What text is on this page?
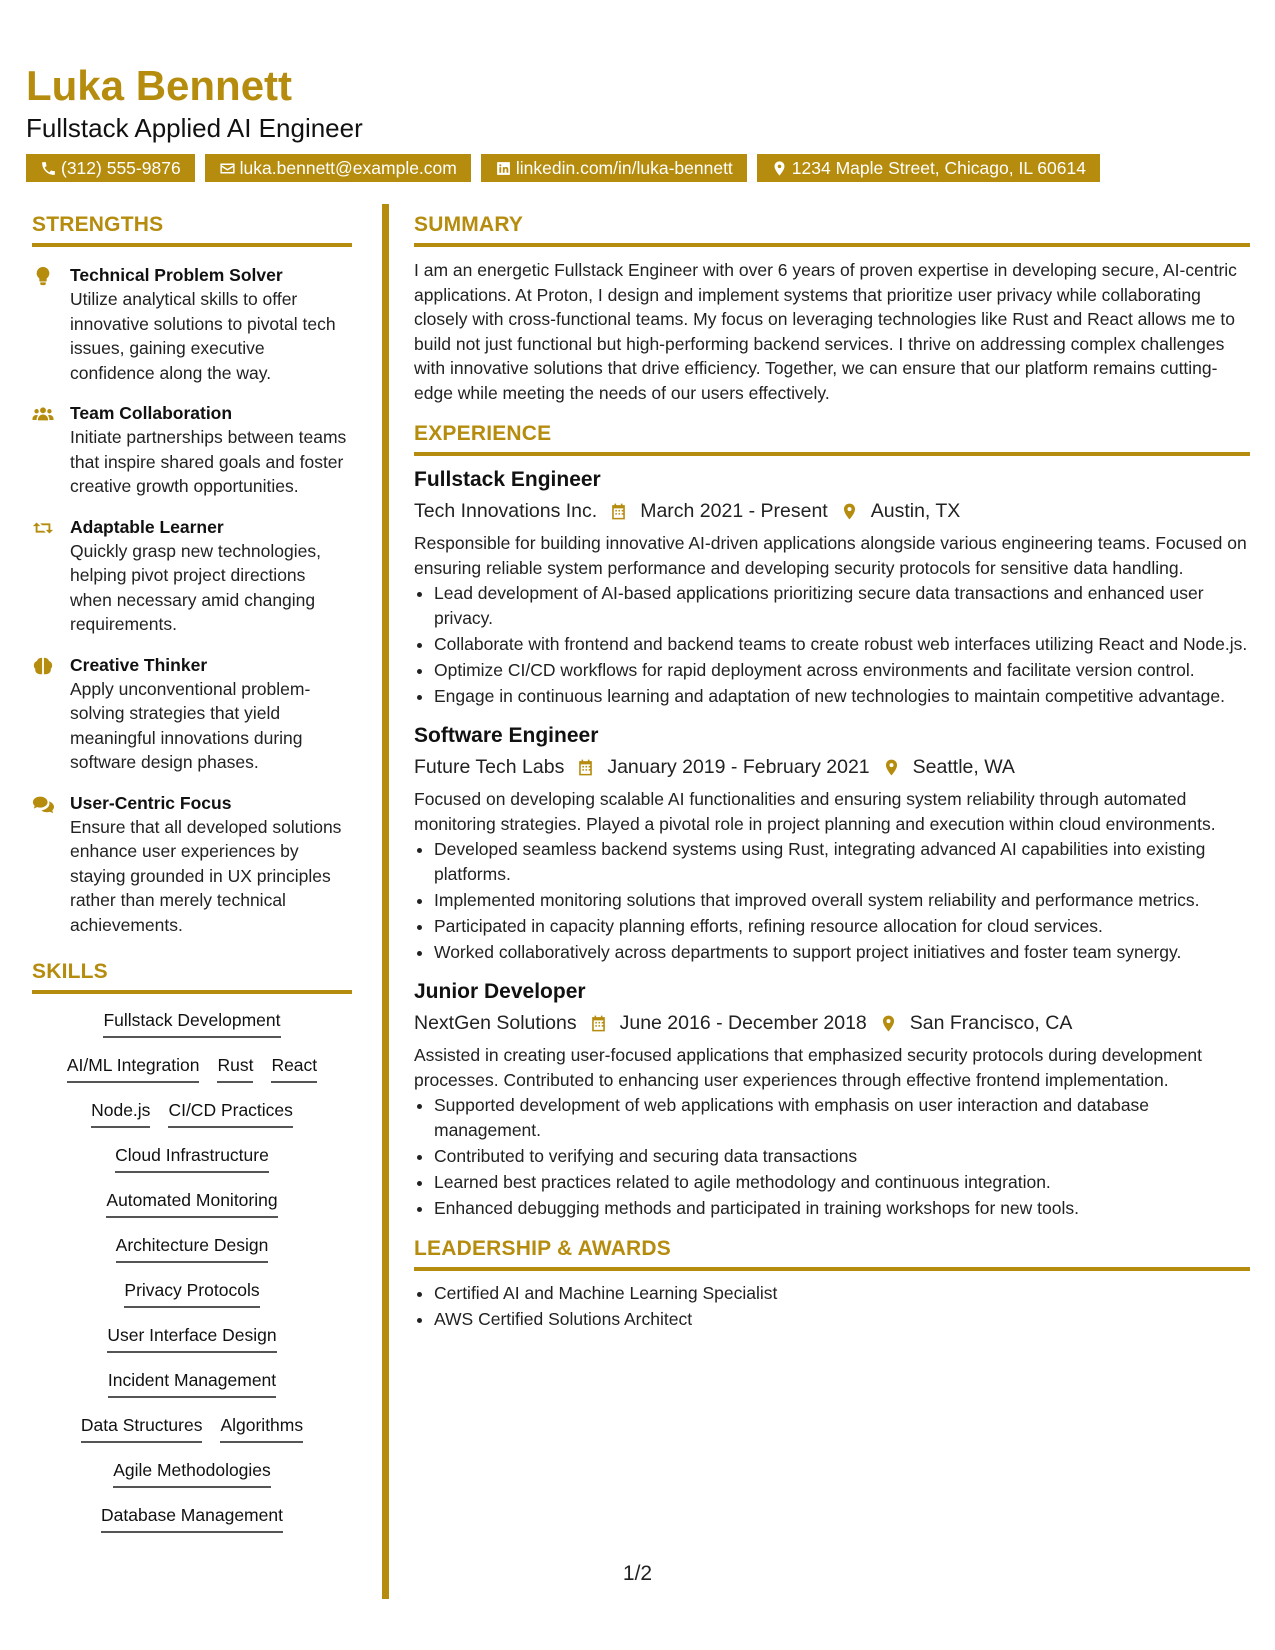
Luka Bennett
Fullstack Applied AI Engineer
(312) 555-9876	luka.bennett@example.com	linkedin.com/in/luka-bennett	1234 Maple Street, Chicago, IL 60614
STRENGTHS
Technical Problem Solver
Utilize analytical skills to offer innovative solutions to pivotal tech issues, gaining executive confidence along the way.
Team Collaboration
Initiate partnerships between teams that inspire shared goals and foster creative growth opportunities.
Adaptable Learner
Quickly grasp new technologies, helping pivot project directions when necessary amid changing requirements.
Creative Thinker
Apply unconventional problem-solving strategies that yield meaningful innovations during software design phases.
User-Centric Focus
Ensure that all developed solutions enhance user experiences by staying grounded in UX principles rather than merely technical achievements.
SKILLS
Fullstack Development
AI/ML Integration Rust React
Node.js CI/CD Practices
Cloud Infrastructure
Automated Monitoring
Architecture Design
Privacy Protocols
User Interface Design
Incident Management
Data Structures Algorithms
Agile Methodologies
Database Management
SUMMARY
I am an energetic Fullstack Engineer with over 6 years of proven expertise in developing secure, AI-centric applications. At Proton, I design and implement systems that prioritize user privacy while collaborating closely with cross-functional teams. My focus on leveraging technologies like Rust and React allows me to build not just functional but high-performing backend services. I thrive on addressing complex challenges with innovative solutions that drive efficiency. Together, we can ensure that our platform remains cutting-edge while meeting the needs of our users effectively.
EXPERIENCE
Fullstack Engineer
Tech Innovations Inc. March 2021 - Present Austin, TX
Responsible for building innovative AI-driven applications alongside various engineering teams. Focused on ensuring reliable system performance and developing security protocols for sensitive data handling.
• Lead development of AI-based applications prioritizing secure data transactions and enhanced user privacy.
• Collaborate with frontend and backend teams to create robust web interfaces utilizing React and Node.js.
• Optimize CI/CD workflows for rapid deployment across environments and facilitate version control.
• Engage in continuous learning and adaptation of new technologies to maintain competitive advantage.
Software Engineer
Future Tech Labs January 2019 - February 2021 Seattle, WA
Focused on developing scalable AI functionalities and ensuring system reliability through automated monitoring strategies. Played a pivotal role in project planning and execution within cloud environments.
• Developed seamless backend systems using Rust, integrating advanced AI capabilities into existing platforms.
• Implemented monitoring solutions that improved overall system reliability and performance metrics.
• Participated in capacity planning efforts, refining resource allocation for cloud services.
• Worked collaboratively across departments to support project initiatives and foster team synergy.
Junior Developer
NextGen Solutions June 2016 - December 2018 San Francisco, CA
Assisted in creating user-focused applications that emphasized security protocols during development processes. Contributed to enhancing user experiences through effective frontend implementation.
• Supported development of web applications with emphasis on user interaction and database management.
• Contributed to verifying and securing data transactions
• Learned best practices related to agile methodology and continuous integration.
• Enhanced debugging methods and participated in training workshops for new tools.
LEADERSHIP & AWARDS
• Certified AI and Machine Learning Specialist
• AWS Certified Solutions Architect
1/2
